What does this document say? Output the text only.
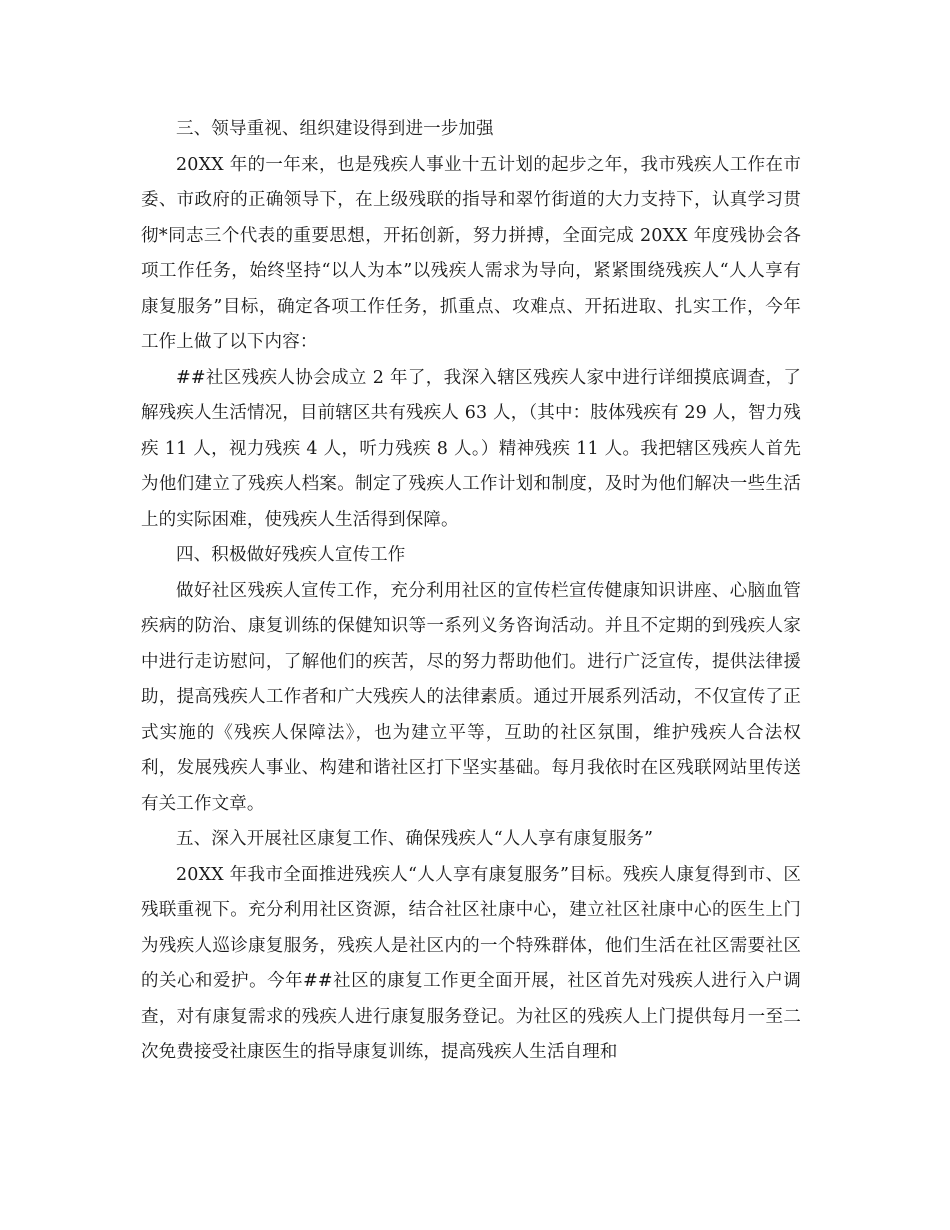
三、领导重视、组织建设得到进一步加强

20XX 年的一年来，也是残疾人事业十五计划的起步之年，我市残疾人工作在市委、市政府的正确领导下，在上级残联的指导和翠竹街道的大力支持下，认真学习贯彻*同志三个代表的重要思想，开拓创新，努力拼搏，全面完成 20XX 年度残协会各项工作任务，始终坚持“以人为本”以残疾人需求为导向，紧紧围绕残疾人“人人享有康复服务”目标，确定各项工作任务，抓重点、攻难点、开拓进取、扎实工作，今年工作上做了以下内容：

##社区残疾人协会成立 2 年了，我深入辖区残疾人家中进行详细摸底调查，了解残疾人生活情况，目前辖区共有残疾人 63 人，（其中：肢体残疾有 29 人，智力残疾 11 人，视力残疾 4 人，听力残疾 8 人。）精神残疾 11 人。我把辖区残疾人首先为他们建立了残疾人档案。制定了残疾人工作计划和制度，及时为他们解决一些生活上的实际困难，使残疾人生活得到保障。

四、积极做好残疾人宣传工作

做好社区残疾人宣传工作，充分利用社区的宣传栏宣传健康知识讲座、心脑血管疾病的防治、康复训练的保健知识等一系列义务咨询活动。并且不定期的到残疾人家中进行走访慰问，了解他们的疾苦，尽的努力帮助他们。进行广泛宣传，提供法律援助，提高残疾人工作者和广大残疾人的法律素质。通过开展系列活动，不仅宣传了正式实施的《残疾人保障法》，也为建立平等，互助的社区氛围，维护残疾人合法权利，发展残疾人事业、构建和谐社区打下坚实基础。每月我依时在区残联网站里传送有关工作文章。

五、深入开展社区康复工作、确保残疾人“人人享有康复服务”

20XX 年我市全面推进残疾人“人人享有康复服务”目标。残疾人康复得到市、区残联重视下。充分利用社区资源，结合社区社康中心，建立社区社康中心的医生上门为残疾人巡诊康复服务，残疾人是社区内的一个特殊群体，他们生活在社区需要社区的关心和爱护。今年##社区的康复工作更全面开展，社区首先对残疾人进行入户调查，对有康复需求的残疾人进行康复服务登记。为社区的残疾人上门提供每月一至二次免费接受社康医生的指导康复训练，提高残疾人生活自理和
